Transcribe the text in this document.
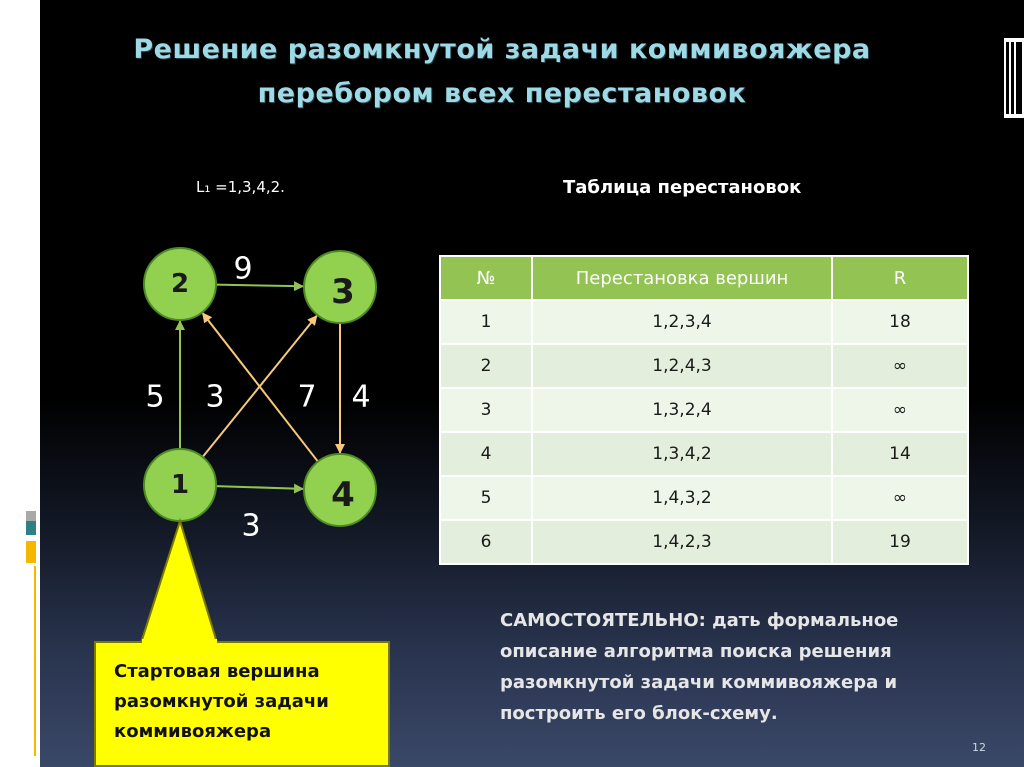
Решение разомкнутой задачи коммивояжера
перебором всех перестановок
L₁ =1,3,4,2.	Таблица перестановок
9
5 3 7 4
3
1
2	3
4
№	Перестановка вершин	R
1	1,2,3,4	18
2	1,2,4,3	∞
3	1,3,2,4	∞
4	1,3,4,2	14
5	1,4,3,2	∞
6	1,4,2,3	19
Стартовая вершина
разомкнутой задачи
коммивояжера
САМОСТОЯТЕЛЬНО: дать формальное
описание алгоритма поиска решения
разомкнутой задачи коммивояжера и
построить его блок-схему.
12
